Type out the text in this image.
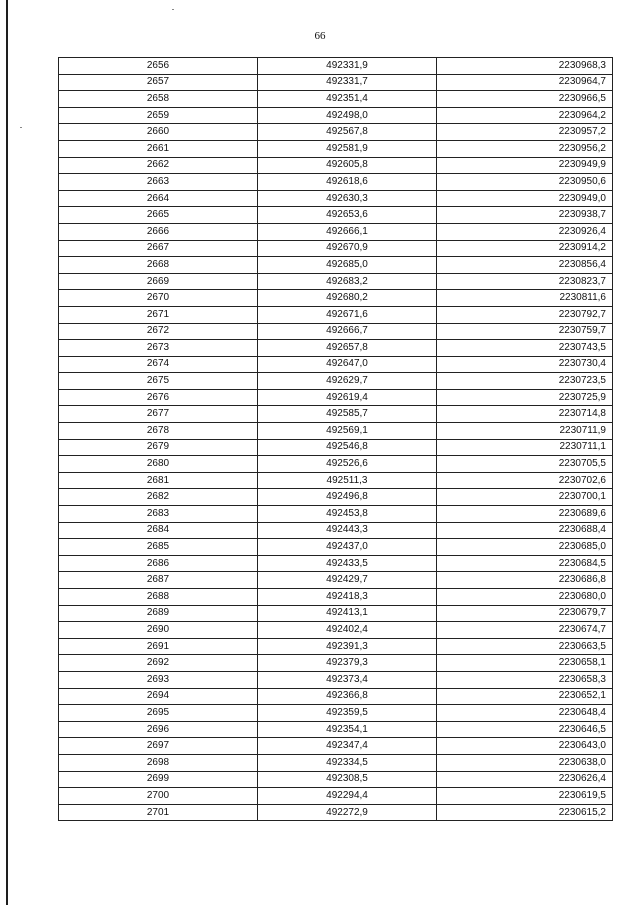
66
2656	492331,9	2230968,3
2657	492331,7	2230964,7
2658	492351,4	2230966,5
2659	492498,0	2230964,2
2660	492567,8	2230957,2
2661	492581,9	2230956,2
2662	492605,8	2230949,9
2663	492618,6	2230950,6
2664	492630,3	2230949,0
2665	492653,6	2230938,7
2666	492666,1	2230926,4
2667	492670,9	2230914,2
2668	492685,0	2230856,4
2669	492683,2	2230823,7
2670	492680,2	2230811,6
2671	492671,6	2230792,7
2672	492666,7	2230759,7
2673	492657,8	2230743,5
2674	492647,0	2230730,4
2675	492629,7	2230723,5
2676	492619,4	2230725,9
2677	492585,7	2230714,8
2678	492569,1	2230711,9
2679	492546,8	2230711,1
2680	492526,6	2230705,5
2681	492511,3	2230702,6
2682	492496,8	2230700,1
2683	492453,8	2230689,6
2684	492443,3	2230688,4
2685	492437,0	2230685,0
2686	492433,5	2230684,5
2687	492429,7	2230686,8
2688	492418,3	2230680,0
2689	492413,1	2230679,7
2690	492402,4	2230674,7
2691	492391,3	2230663,5
2692	492379,3	2230658,1
2693	492373,4	2230658,3
2694	492366,8	2230652,1
2695	492359,5	2230648,4
2696	492354,1	2230646,5
2697	492347,4	2230643,0
2698	492334,5	2230638,0
2699	492308,5	2230626,4
2700	492294,4	2230619,5
2701	492272,9	2230615,2
